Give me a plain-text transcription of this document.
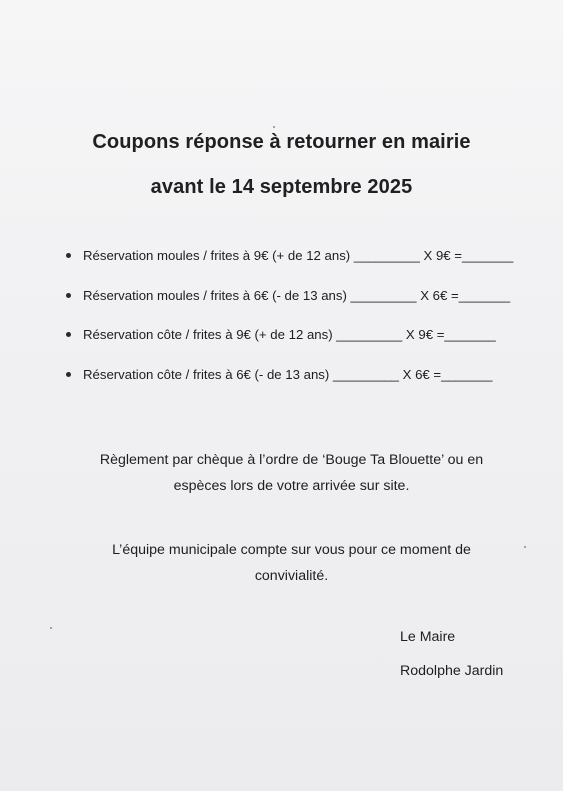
Coupons réponse à retourner en mairie
avant le 14 septembre 2025
Réservation moules / frites à 9€ (+ de 12 ans) _________ X 9€ =_______
Réservation moules / frites à 6€ (- de 13 ans) _________ X 6€ =_______
Réservation côte / frites à 9€ (+ de 12 ans) _________ X 9€ =_______
Réservation côte / frites à 6€ (- de 13 ans) _________ X 6€ =_______
Règlement par chèque à l’ordre de ‘Bouge Ta Blouette’ ou en
espèces lors de votre arrivée sur site.
L’équipe municipale compte sur vous pour ce moment de
convivialité.
Le Maire
Rodolphe Jardin
